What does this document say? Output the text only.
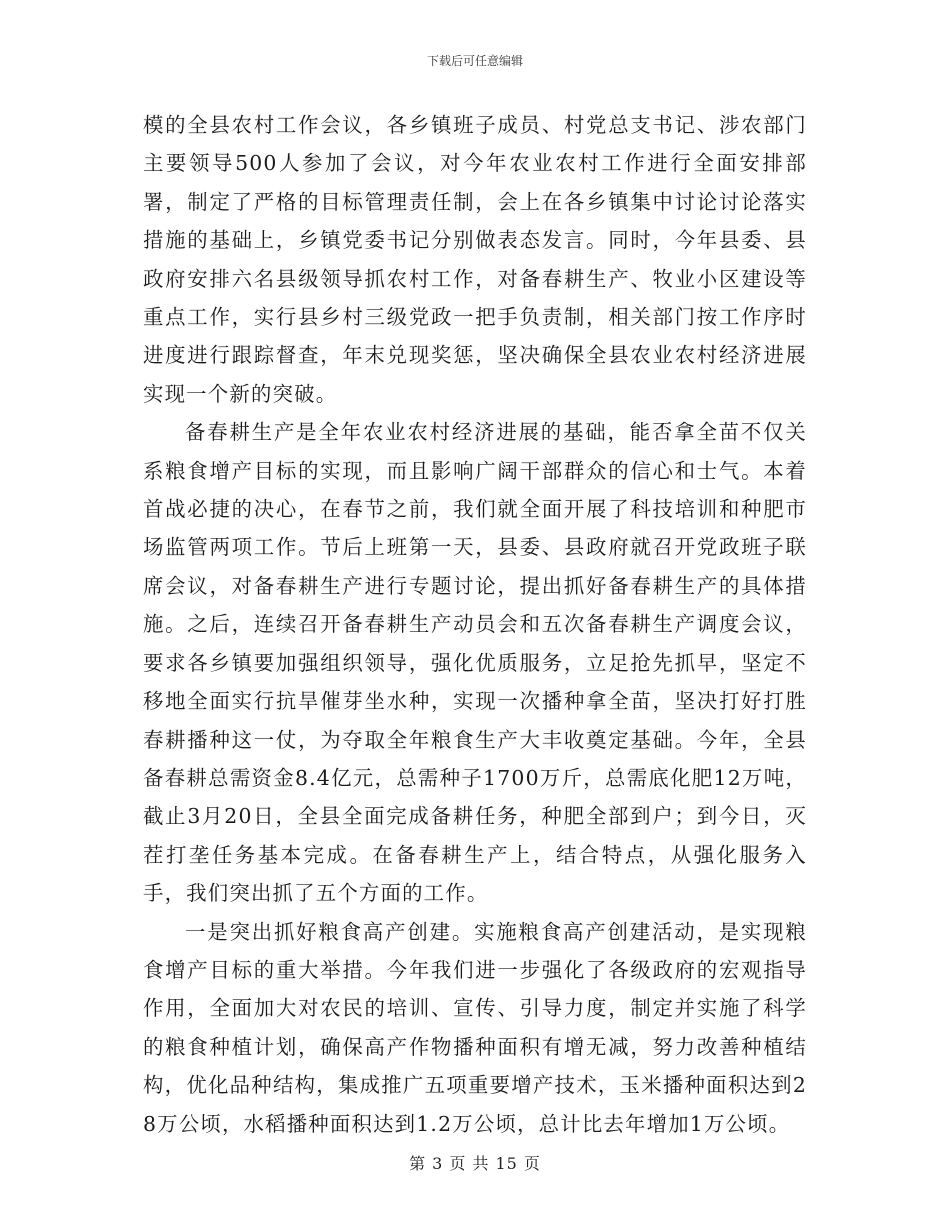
下载后可任意编辑

模的全县农村工作会议，各乡镇班子成员、村党总支书记、涉农部门主要领导500人参加了会议，对今年农业农村工作进行全面安排部署，制定了严格的目标管理责任制，会上在各乡镇集中讨论讨论落实措施的基础上，乡镇党委书记分别做表态发言。同时，今年县委、县政府安排六名县级领导抓农村工作，对备春耕生产、牧业小区建设等重点工作，实行县乡村三级党政一把手负责制，相关部门按工作序时进度进行跟踪督查，年末兑现奖惩，坚决确保全县农业农村经济进展实现一个新的突破。

备春耕生产是全年农业农村经济进展的基础，能否拿全苗不仅关系粮食增产目标的实现，而且影响广阔干部群众的信心和士气。本着首战必捷的决心，在春节之前，我们就全面开展了科技培训和种肥市场监管两项工作。节后上班第一天，县委、县政府就召开党政班子联席会议，对备春耕生产进行专题讨论，提出抓好备春耕生产的具体措施。之后，连续召开备春耕生产动员会和五次备春耕生产调度会议，要求各乡镇要加强组织领导，强化优质服务，立足抢先抓早，坚定不移地全面实行抗旱催芽坐水种，实现一次播种拿全苗，坚决打好打胜春耕播种这一仗，为夺取全年粮食生产大丰收奠定基础。今年，全县备春耕总需资金8.4亿元，总需种子1700万斤，总需底化肥12万吨，截止3月20日，全县全面完成备耕任务，种肥全部到户；到今日，灭茬打垄任务基本完成。在备春耕生产上，结合特点，从强化服务入手，我们突出抓了五个方面的工作。

一是突出抓好粮食高产创建。实施粮食高产创建活动，是实现粮食增产目标的重大举措。今年我们进一步强化了各级政府的宏观指导作用，全面加大对农民的培训、宣传、引导力度，制定并实施了科学的粮食种植计划，确保高产作物播种面积有增无减，努力改善种植结构，优化品种结构，集成推广五项重要增产技术，玉米播种面积达到28万公顷，水稻播种面积达到1.2万公顷，总计比去年增加1万公顷。

第 3 页 共 15 页
